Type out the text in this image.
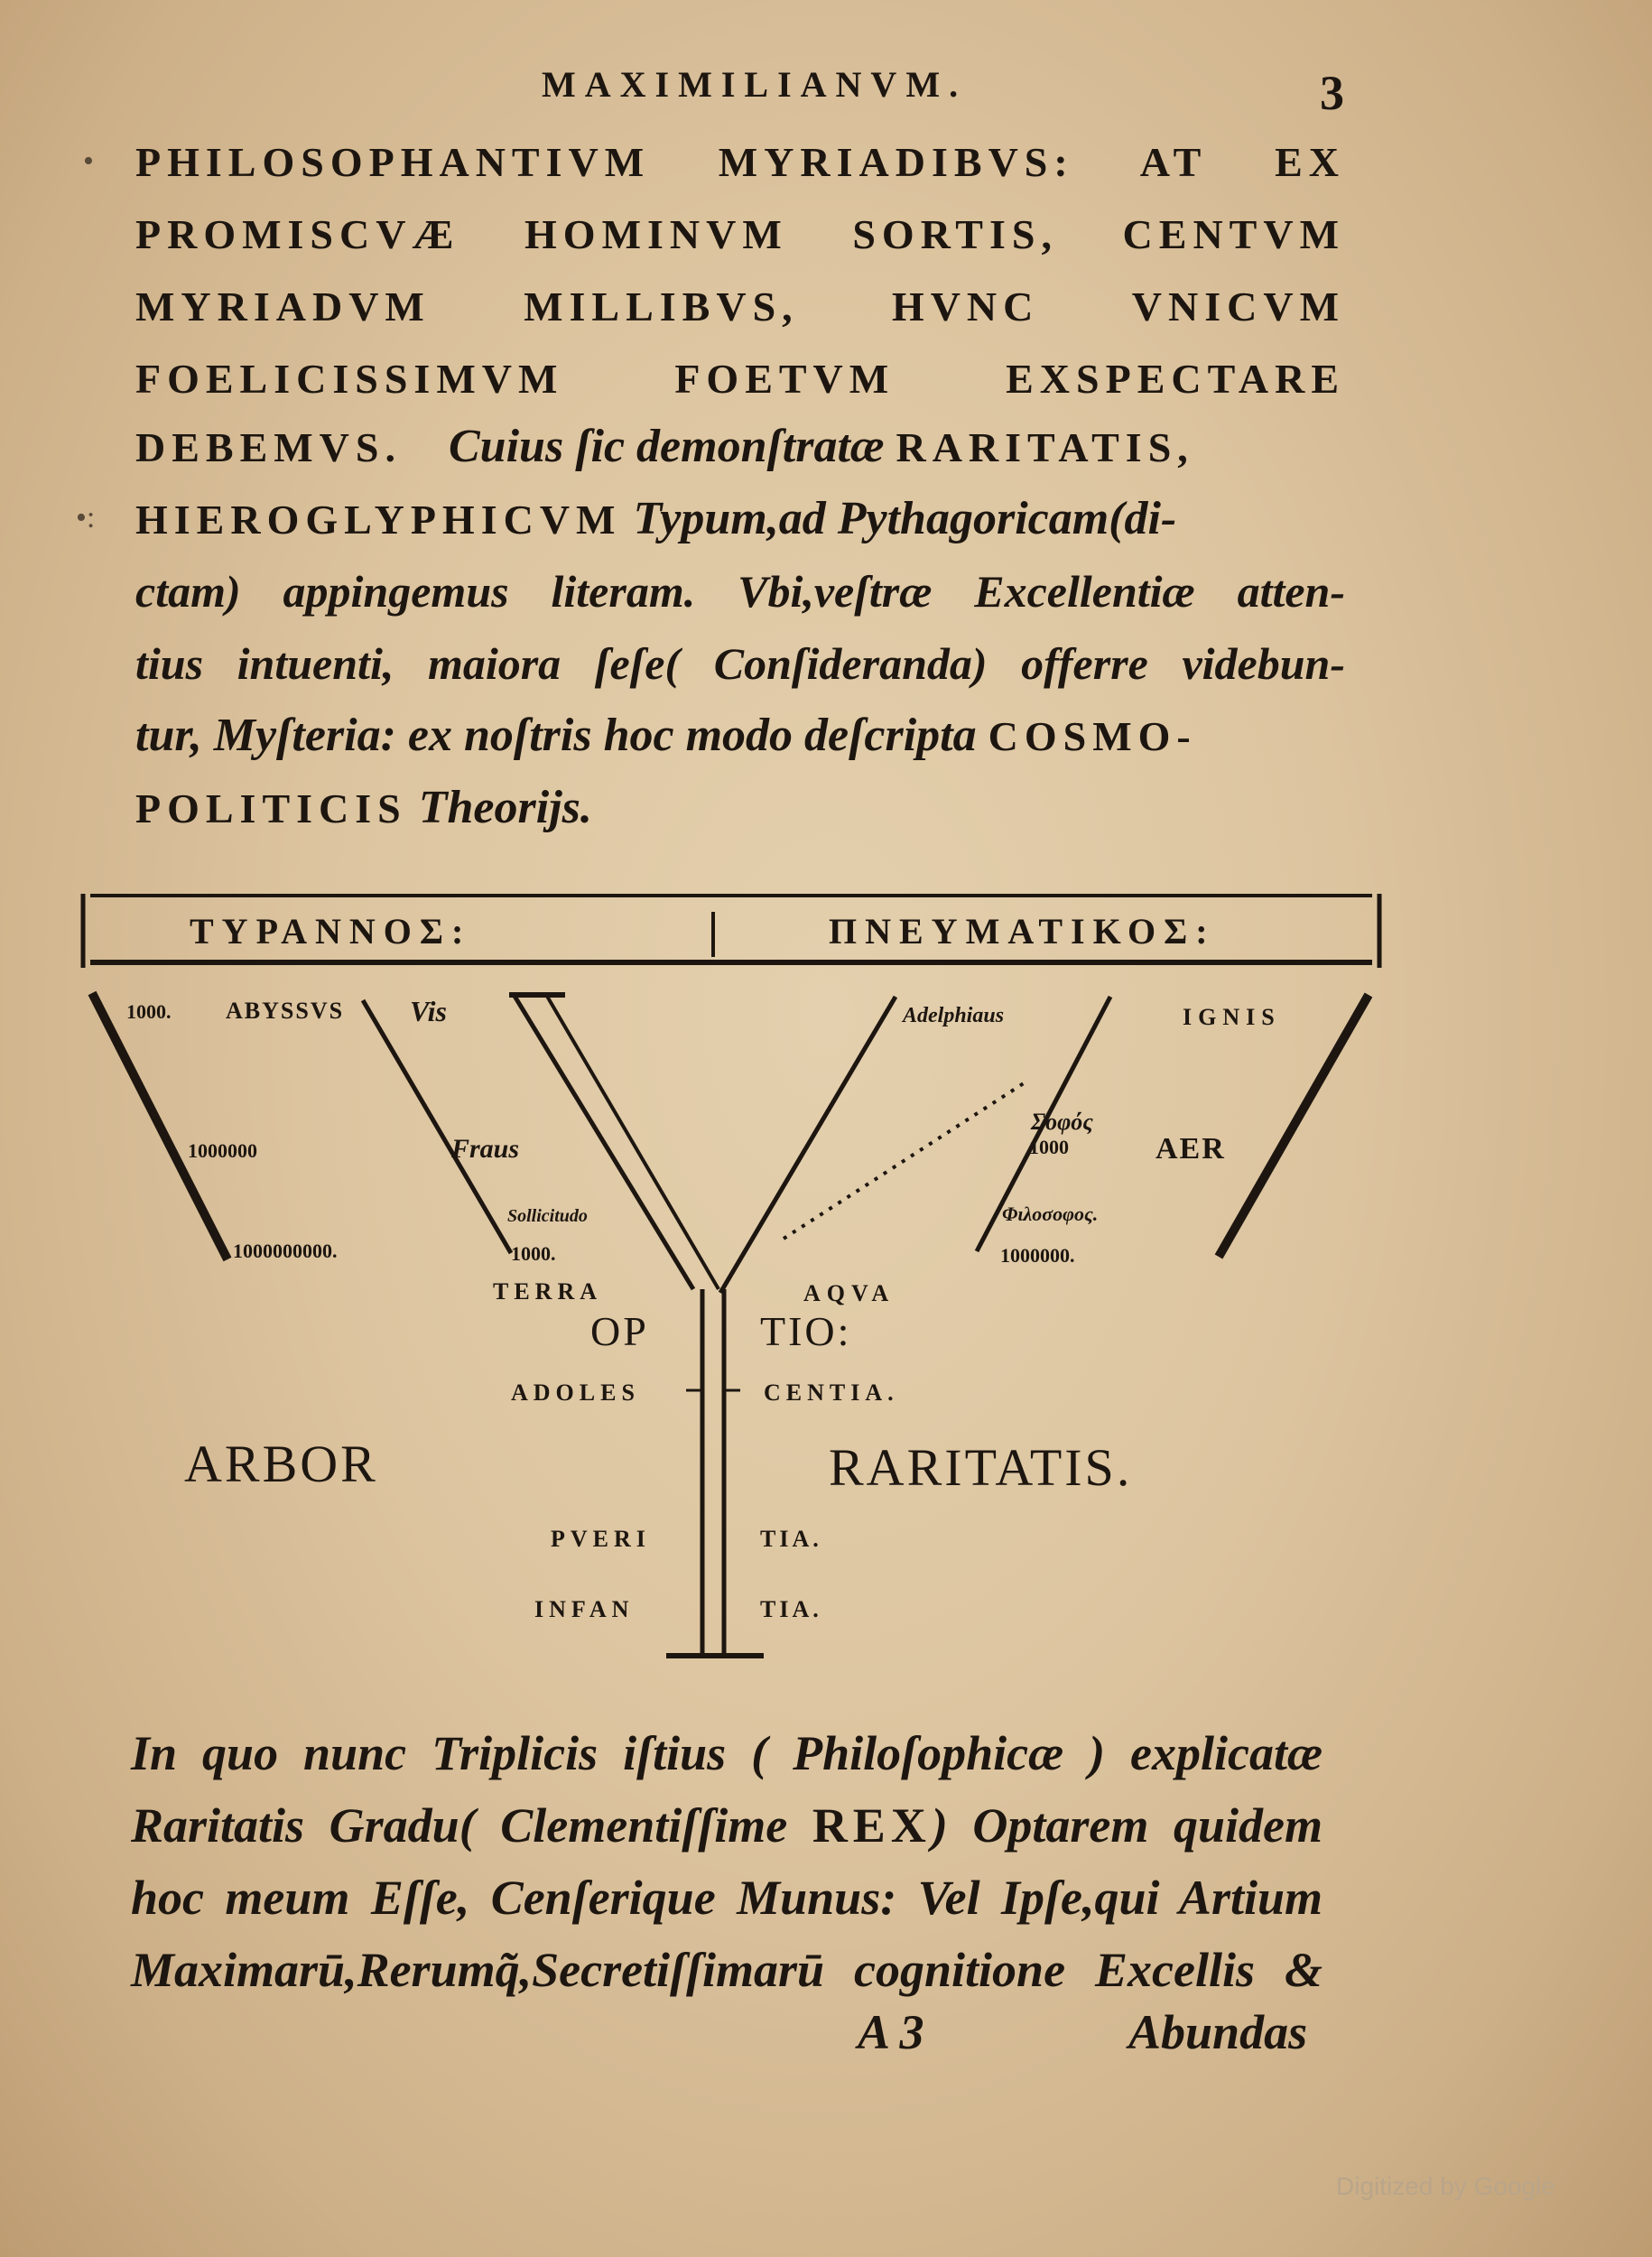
MAXIMILIANVM.	3
• PHILOSOPHANTIVM MYRIADIBVS: AT EX
PROMISCVÆ HOMINVM SORTIS, CENTVM
MYRIADVM MILLIBVS, HVNC VNICVM
FOELICISSIMVM FOETVM EXSPECTARE
DEBEMVS. Cuius ſic demonſtratæ RARITATIS,
•: HIEROGLYPHICVM Typum,ad Pythagoricam(di-
ctam) appingemus literam. Vbi,veſtræ Excellentiæ atten-
tius intuenti, maiora ſeſe( Conſideranda) offerre videbun-
tur, Myſteria: ex noſtris hoc modo deſcripta COSMO-
POLITICIS Theorijs.
ΤΥΡΑΝΝΟΣ:	ΠΝΕΥΜΑΤΙΚΟΣ:
1000. ABYSSVS Vis
1000000	Fraus
1000000000.
Sollicitudo
1000.
TERRA
Adelphiaus	IGNIS
Σοφός
1000	AER
Φιλοσοφος.
1000000.
AQVA
OP	TIO:
ADOLES	CENTIA.
ARBOR	RARITATIS.
PVERI	TIA.
INFAN	TIA.
In quo nunc Triplicis iſtius ( Philoſophicæ ) explicatæ
Raritatis Gradu( Clementiſſime REX) Optarem quidem
hoc meum Eſſe, Cenſerique Munus: Vel Ipſe,qui Artium
Maximarū,Rerumq̃,Secretiſſimarū cognitione Excellis &
A 3	Abundas
Digitized by Google
